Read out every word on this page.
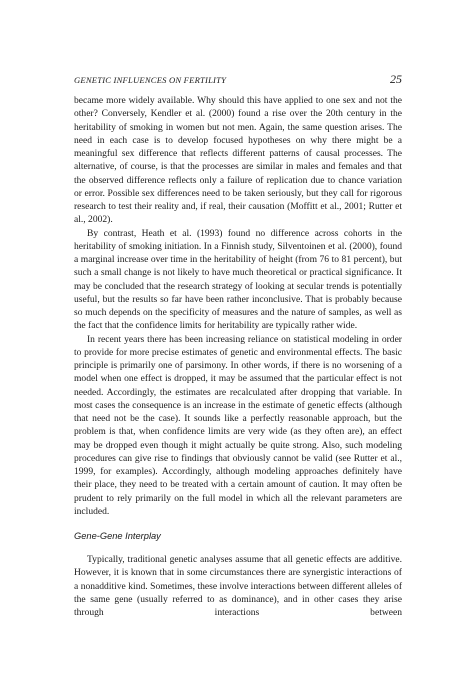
GENETIC INFLUENCES ON FERTILITY	25

became more widely available. Why should this have applied to one sex and not the other? Conversely, Kendler et al. (2000) found a rise over the 20th century in the heritability of smoking in women but not men. Again, the same question arises. The need in each case is to develop focused hypotheses on why there might be a meaningful sex difference that reflects different patterns of causal processes. The alternative, of course, is that the processes are similar in males and females and that the observed difference reflects only a failure of replication due to chance variation or error. Possible sex differences need to be taken seriously, but they call for rigorous research to test their reality and, if real, their causation (Moffitt et al., 2001; Rutter et al., 2002).

By contrast, Heath et al. (1993) found no difference across cohorts in the heritability of smoking initiation. In a Finnish study, Silventoinen et al. (2000), found a marginal increase over time in the heritability of height (from 76 to 81 percent), but such a small change is not likely to have much theoretical or practical significance. It may be concluded that the research strategy of looking at secular trends is potentially useful, but the results so far have been rather inconclusive. That is probably because so much depends on the specificity of measures and the nature of samples, as well as the fact that the confidence limits for heritability are typically rather wide.

In recent years there has been increasing reliance on statistical modeling in order to provide for more precise estimates of genetic and environmental effects. The basic principle is primarily one of parsimony. In other words, if there is no worsening of a model when one effect is dropped, it may be assumed that the particular effect is not needed. Accordingly, the estimates are recalculated after dropping that variable. In most cases the consequence is an increase in the estimate of genetic effects (although that need not be the case). It sounds like a perfectly reasonable approach, but the problem is that, when confidence limits are very wide (as they often are), an effect may be dropped even though it might actually be quite strong. Also, such modeling procedures can give rise to findings that obviously cannot be valid (see Rutter et al., 1999, for examples). Accordingly, although modeling approaches definitely have their place, they need to be treated with a certain amount of caution. It may often be prudent to rely primarily on the full model in which all the relevant parameters are included.

Gene-Gene Interplay

Typically, traditional genetic analyses assume that all genetic effects are additive. However, it is known that in some circumstances there are synergistic interactions of a nonadditive kind. Sometimes, these involve interactions between different alleles of the same gene (usually referred to as dominance), and in other cases they arise through interactions between
